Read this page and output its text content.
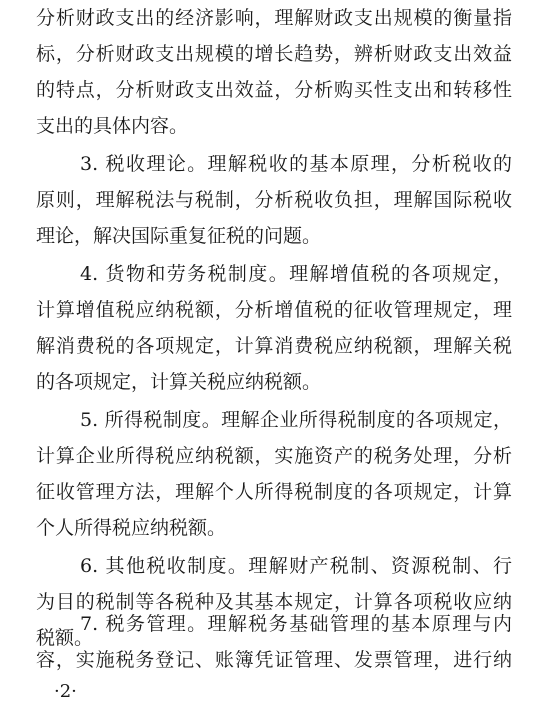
分析财政支出的经济影响，理解财政支出规模的衡量指
标，分析财政支出规模的增长趋势，辨析财政支出效益
的特点，分析财政支出效益，分析购买性支出和转移性
支出的具体内容。
3. 税收理论。理解税收的基本原理，分析税收的
原则，理解税法与税制，分析税收负担，理解国际税收
理论，解决国际重复征税的问题。
4. 货物和劳务税制度。理解增值税的各项规定，
计算增值税应纳税额，分析增值税的征收管理规定，理
解消费税的各项规定，计算消费税应纳税额，理解关税
的各项规定，计算关税应纳税额。
5. 所得税制度。理解企业所得税制度的各项规定，
计算企业所得税应纳税额，实施资产的税务处理，分析
征收管理方法，理解个人所得税制度的各项规定，计算
个人所得税应纳税额。
6. 其他税收制度。理解财产税制、资源税制、行
为目的税制等各税种及其基本规定，计算各项税收应纳
税额。
·2·
7. 税务管理。理解税务基础管理的基本原理与内
容，实施税务登记、账簿凭证管理、发票管理，进行纳
